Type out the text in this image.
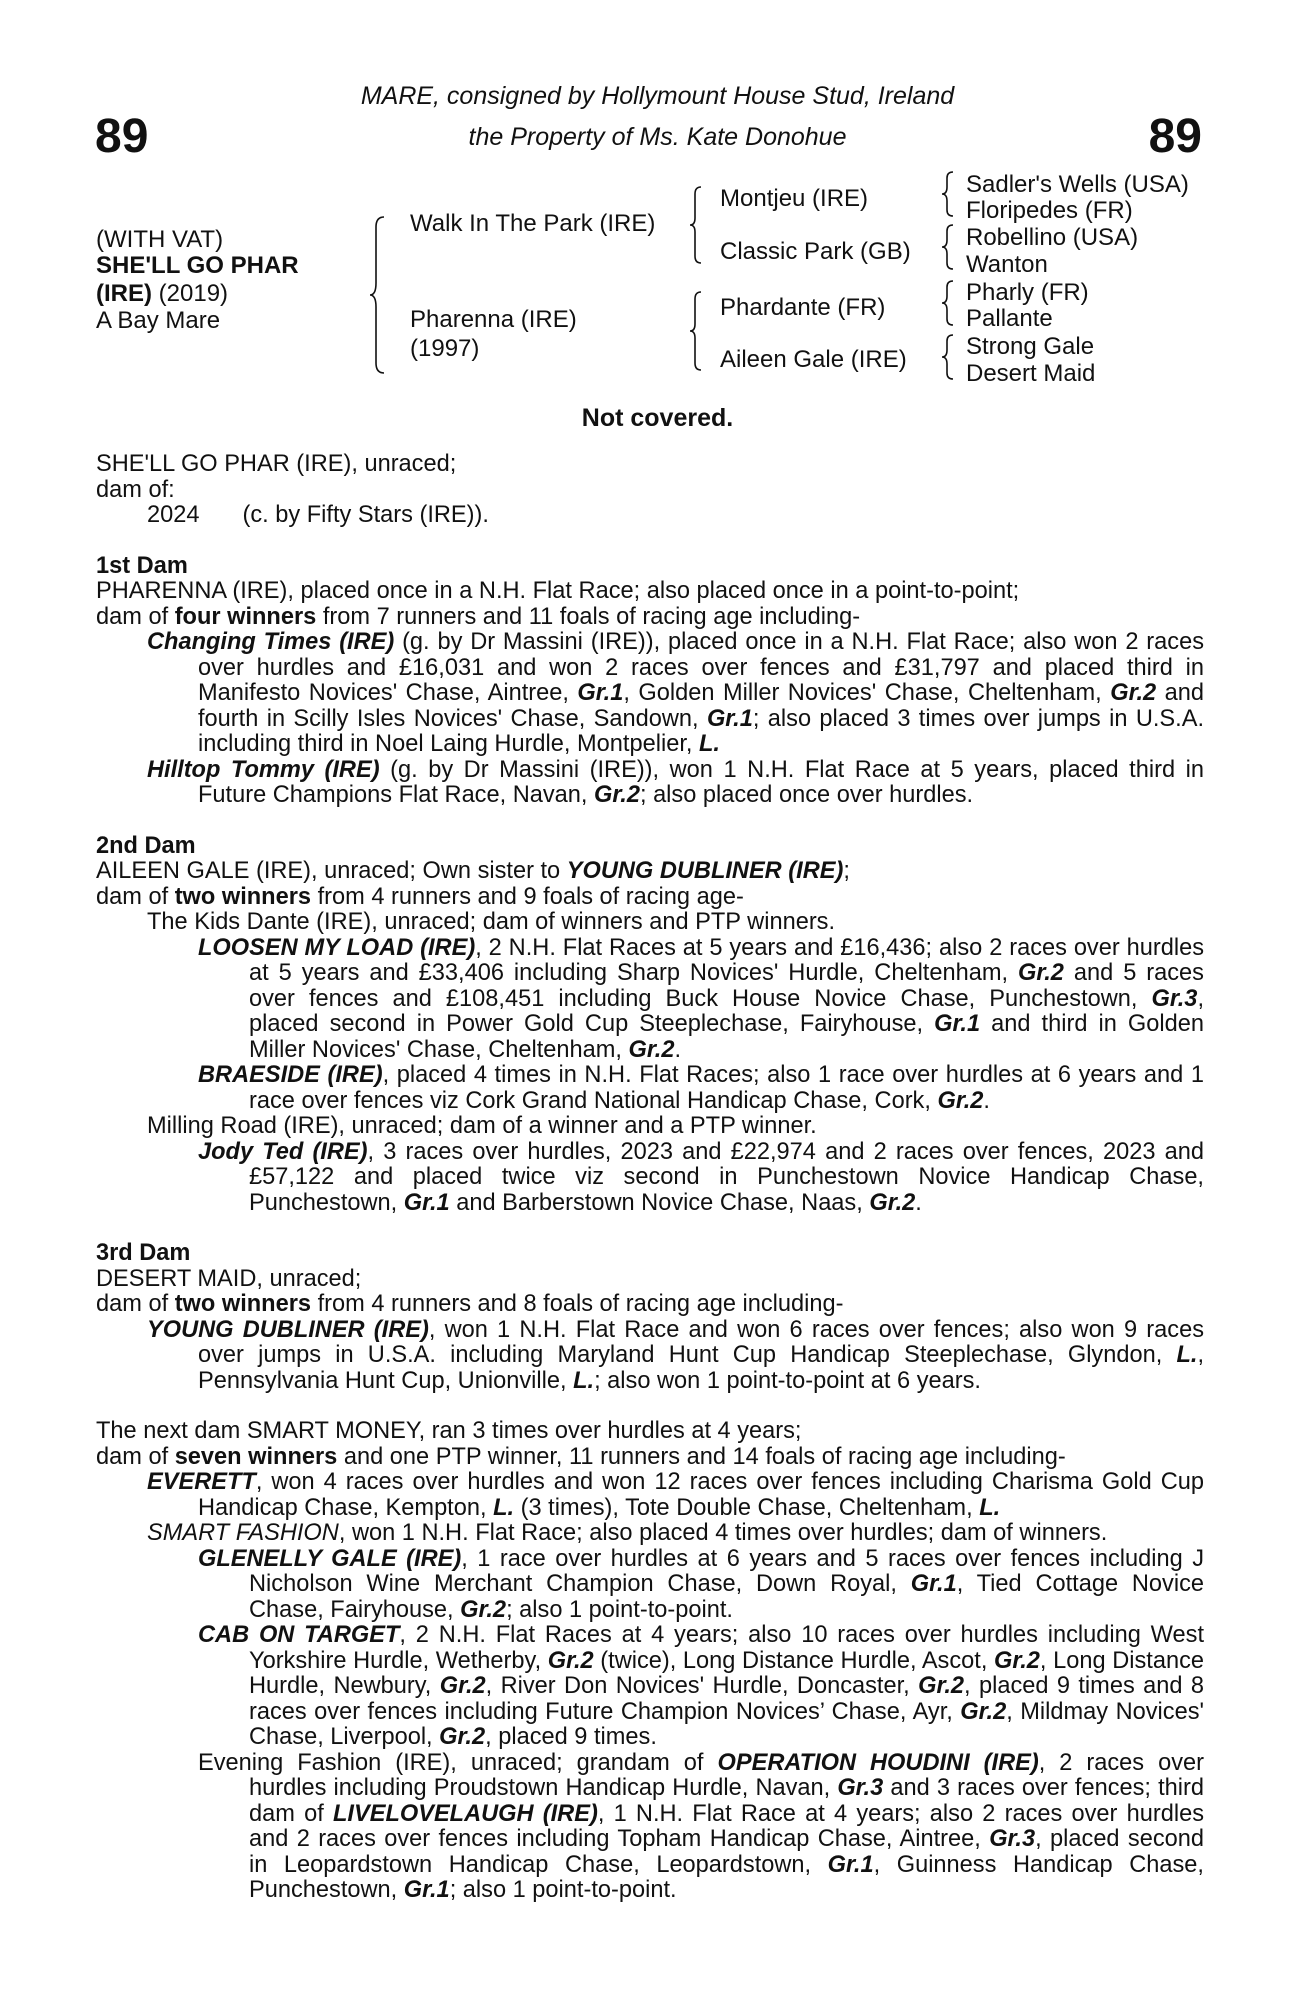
89	89
MARE, consigned by Hollymount House Stud, Ireland
the Property of Ms. Kate Donohue
(WITH VAT)
SHE'LL GO PHAR
(IRE) (2019)
A Bay Mare
Walk In The Park (IRE)
Pharenna (IRE)
(1997)
Montjeu (IRE)
Classic Park (GB)
Phardante (FR)
Aileen Gale (IRE)
Sadler's Wells (USA)
Floripedes (FR)
Robellino (USA)
Wanton
Pharly (FR)
Pallante
Strong Gale
Desert Maid
Not covered.

SHE'LL GO PHAR (IRE), unraced;

dam of:

2024 (c. by Fifty Stars (IRE)).

1st Dam

PHARENNA (IRE), placed once in a N.H. Flat Race; also placed once in a point-to-point;

dam of four winners from 7 runners and 11 foals of racing age including-

Changing Times (IRE) (g. by Dr Massini (IRE)), placed once in a N.H. Flat Race; also won 2 races over hurdles and £16,031 and won 2 races over fences and £31,797 and placed third in Manifesto Novices' Chase, Aintree, Gr.1, Golden Miller Novices' Chase, Cheltenham, Gr.2 and fourth in Scilly Isles Novices' Chase, Sandown, Gr.1; also placed 3 times over jumps in U.S.A. including third in Noel Laing Hurdle, Montpelier, L.

Hilltop Tommy (IRE) (g. by Dr Massini (IRE)), won 1 N.H. Flat Race at 5 years, placed third in Future Champions Flat Race, Navan, Gr.2; also placed once over hurdles.

2nd Dam

AILEEN GALE (IRE), unraced; Own sister to YOUNG DUBLINER (IRE);

dam of two winners from 4 runners and 9 foals of racing age-

The Kids Dante (IRE), unraced; dam of winners and PTP winners.

LOOSEN MY LOAD (IRE), 2 N.H. Flat Races at 5 years and £16,436; also 2 races over hurdles at 5 years and £33,406 including Sharp Novices' Hurdle, Cheltenham, Gr.2 and 5 races over fences and £108,451 including Buck House Novice Chase, Punchestown, Gr.3, placed second in Power Gold Cup Steeplechase, Fairyhouse, Gr.1 and third in Golden Miller Novices' Chase, Cheltenham, Gr.2.

BRAESIDE (IRE), placed 4 times in N.H. Flat Races; also 1 race over hurdles at 6 years and 1 race over fences viz Cork Grand National Handicap Chase, Cork, Gr.2.

Milling Road (IRE), unraced; dam of a winner and a PTP winner.

Jody Ted (IRE), 3 races over hurdles, 2023 and £22,974 and 2 races over fences, 2023 and £57,122 and placed twice viz second in Punchestown Novice Handicap Chase, Punchestown, Gr.1 and Barberstown Novice Chase, Naas, Gr.2.

3rd Dam

DESERT MAID, unraced;

dam of two winners from 4 runners and 8 foals of racing age including-

YOUNG DUBLINER (IRE), won 1 N.H. Flat Race and won 6 races over fences; also won 9 races over jumps in U.S.A. including Maryland Hunt Cup Handicap Steeplechase, Glyndon, L., Pennsylvania Hunt Cup, Unionville, L.; also won 1 point-to-point at 6 years.

The next dam SMART MONEY, ran 3 times over hurdles at 4 years;

dam of seven winners and one PTP winner, 11 runners and 14 foals of racing age including-

EVERETT, won 4 races over hurdles and won 12 races over fences including Charisma Gold Cup Handicap Chase, Kempton, L. (3 times), Tote Double Chase, Cheltenham, L.

SMART FASHION, won 1 N.H. Flat Race; also placed 4 times over hurdles; dam of winners.

GLENELLY GALE (IRE), 1 race over hurdles at 6 years and 5 races over fences including J Nicholson Wine Merchant Champion Chase, Down Royal, Gr.1, Tied Cottage Novice Chase, Fairyhouse, Gr.2; also 1 point-to-point.

CAB ON TARGET, 2 N.H. Flat Races at 4 years; also 10 races over hurdles including West Yorkshire Hurdle, Wetherby, Gr.2 (twice), Long Distance Hurdle, Ascot, Gr.2, Long Distance Hurdle, Newbury, Gr.2, River Don Novices' Hurdle, Doncaster, Gr.2, placed 9 times and 8 races over fences including Future Champion Novices’ Chase, Ayr, Gr.2, Mildmay Novices' Chase, Liverpool, Gr.2, placed 9 times.

Evening Fashion (IRE), unraced; grandam of OPERATION HOUDINI (IRE), 2 races over hurdles including Proudstown Handicap Hurdle, Navan, Gr.3 and 3 races over fences; third dam of LIVELOVELAUGH (IRE), 1 N.H. Flat Race at 4 years; also 2 races over hurdles and 2 races over fences including Topham Handicap Chase, Aintree, Gr.3, placed second in Leopardstown Handicap Chase, Leopardstown, Gr.1, Guinness Handicap Chase, Punchestown, Gr.1; also 1 point-to-point.
